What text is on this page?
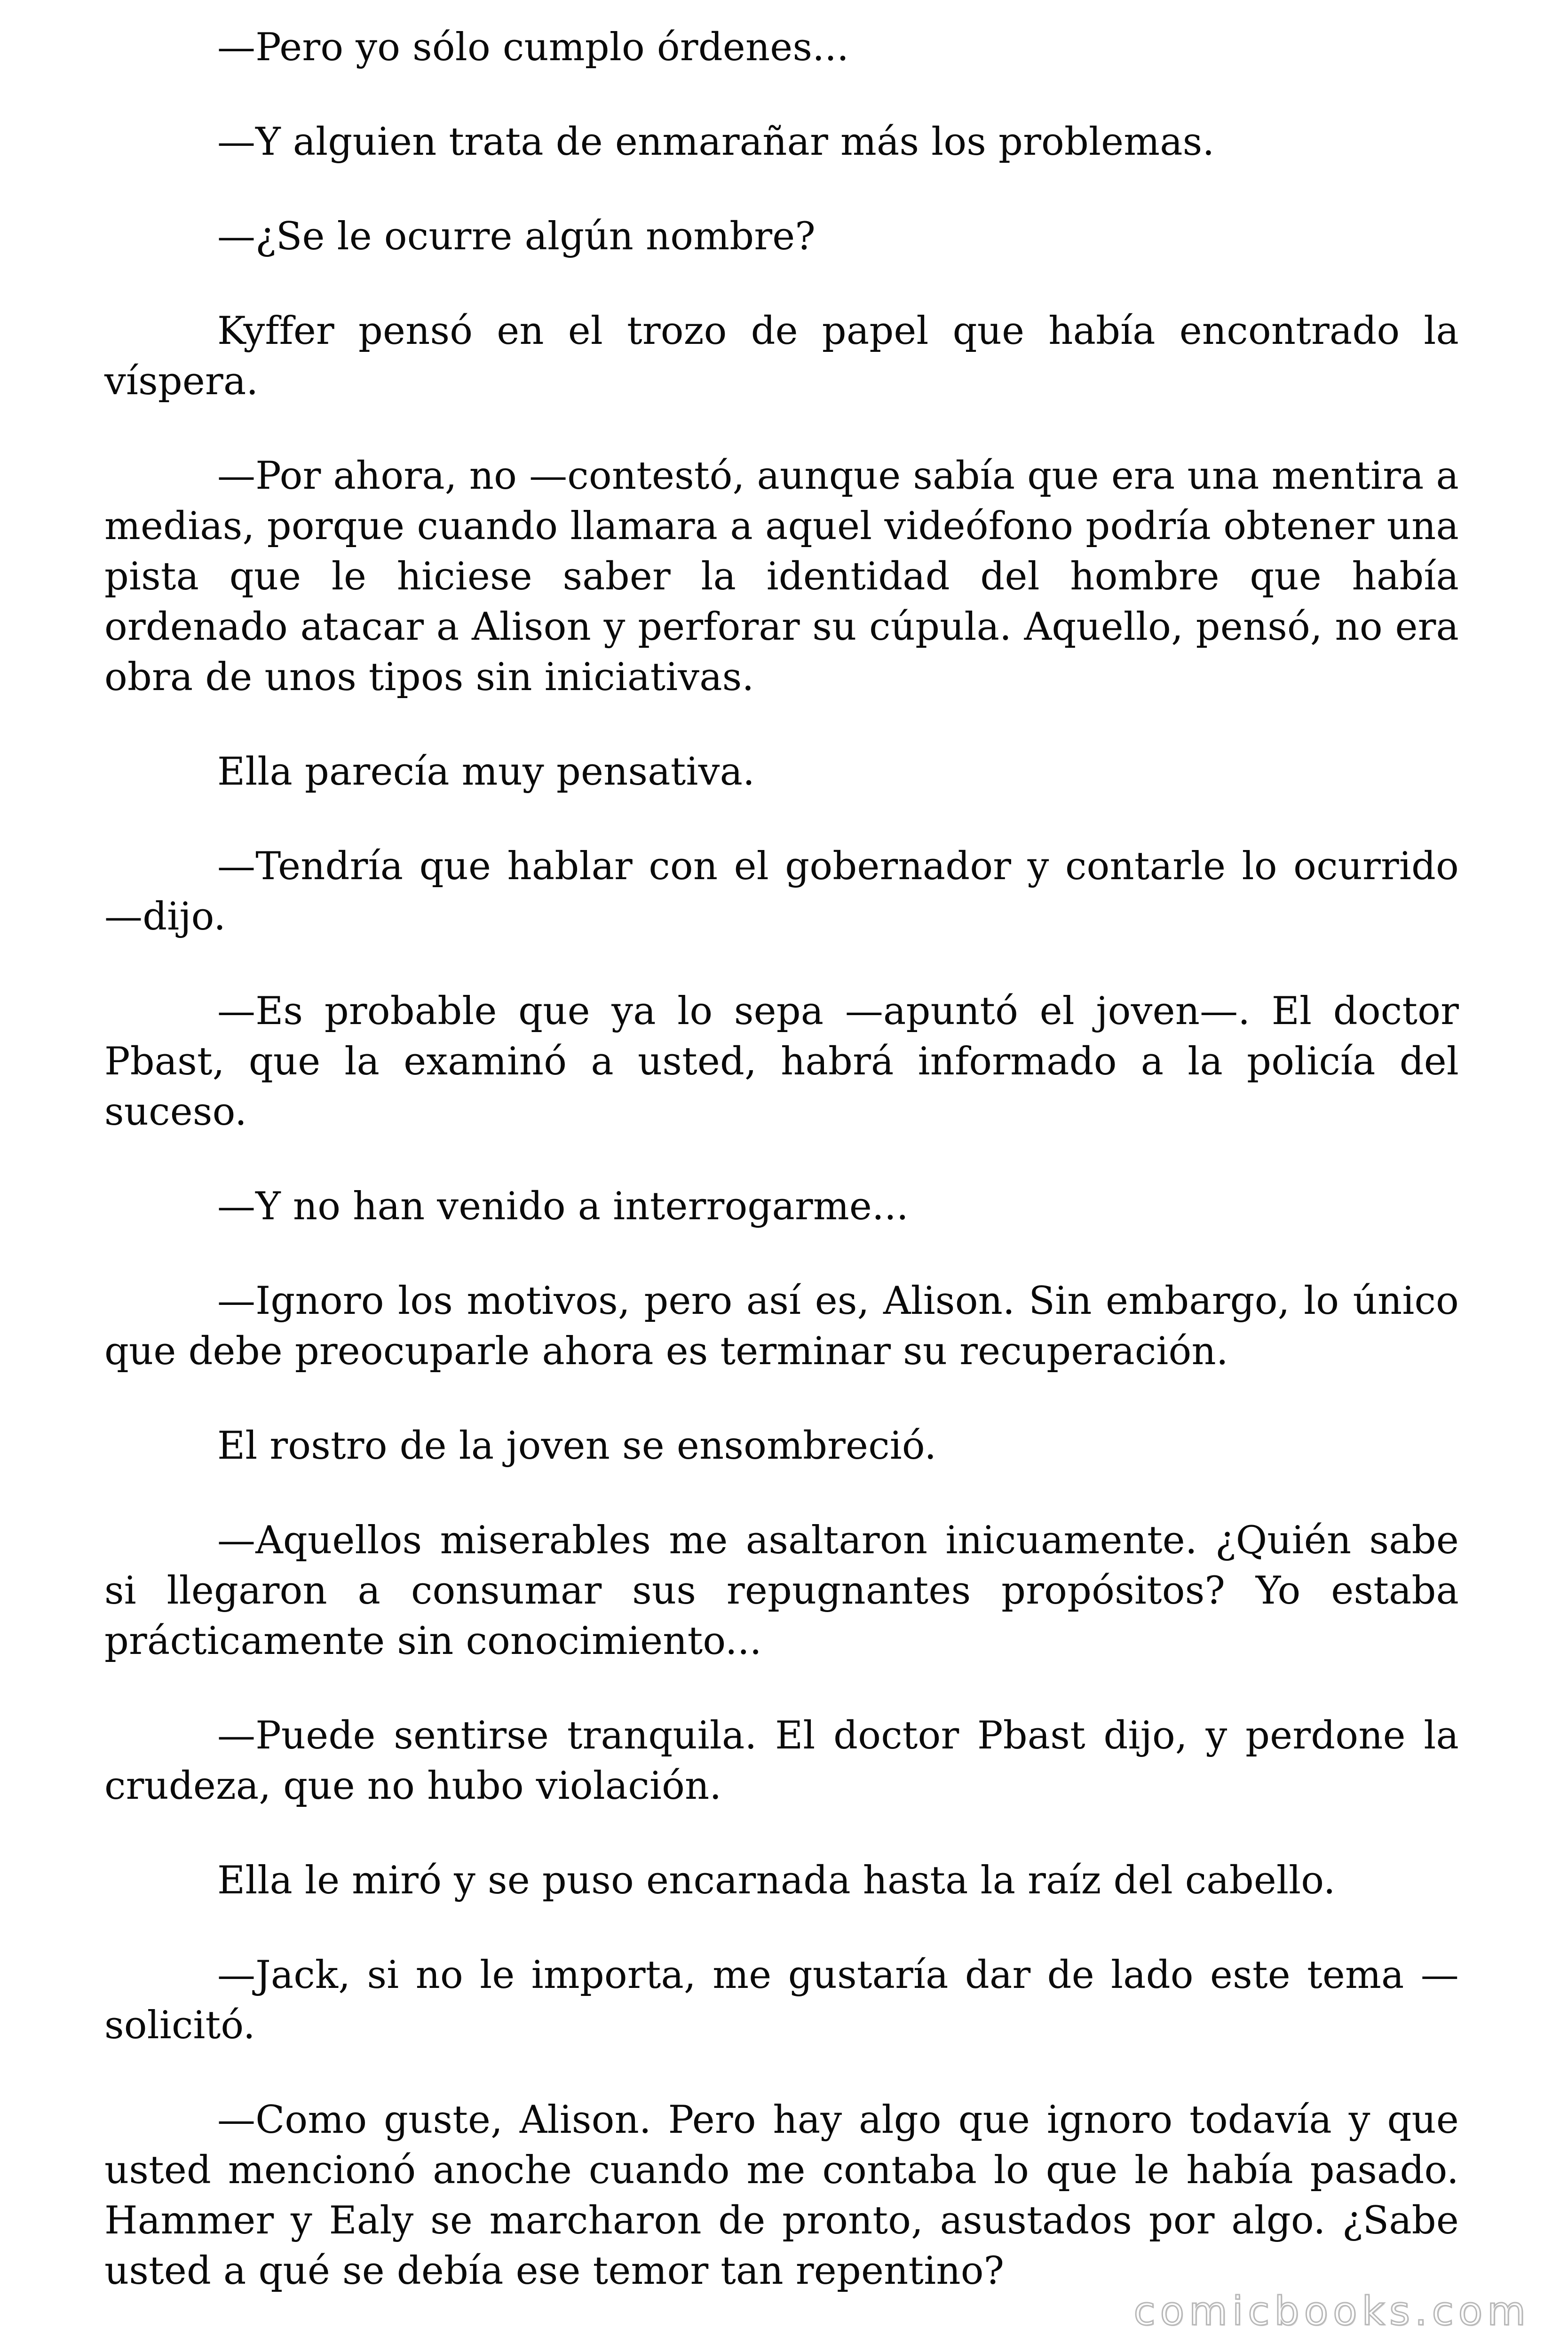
—Pero yo sólo cumplo órdenes...

—Y alguien trata de enmarañar más los problemas.

—¿Se le ocurre algún nombre?

Kyffer pensó en el trozo de papel que había encontrado la víspera.

—Por ahora, no —contestó, aunque sabía que era una mentira a medias, porque cuando llamara a aquel videófono podría obtener una pista que le hiciese saber la identidad del hombre que había ordenado atacar a Alison y perforar su cúpula. Aquello, pensó, no era obra de unos tipos sin iniciativas.

Ella parecía muy pensativa.

—Tendría que hablar con el gobernador y contarle lo ocurrido —dijo.

—Es probable que ya lo sepa —apuntó el joven—. El doctor Pbast, que la examinó a usted, habrá informado a la policía del suceso.

—Y no han venido a interrogarme...

—Ignoro los motivos, pero así es, Alison. Sin embargo, lo único que debe preocuparle ahora es terminar su recuperación.

El rostro de la joven se ensombreció.

—Aquellos miserables me asaltaron inicuamente. ¿Quién sabe si llegaron a consumar sus repugnantes propósitos? Yo estaba prácticamente sin conocimiento...

—Puede sentirse tranquila. El doctor Pbast dijo, y perdone la crudeza, que no hubo violación.

Ella le miró y se puso encarnada hasta la raíz del cabello.

—Jack, si no le importa, me gustaría dar de lado este tema — solicitó.

—Como guste, Alison. Pero hay algo que ignoro todavía y que usted mencionó anoche cuando me contaba lo que le había pasado. Hammer y Ealy se marcharon de pronto, asustados por algo. ¿Sabe usted a qué se debía ese temor tan repentino?

comicbooks.com
